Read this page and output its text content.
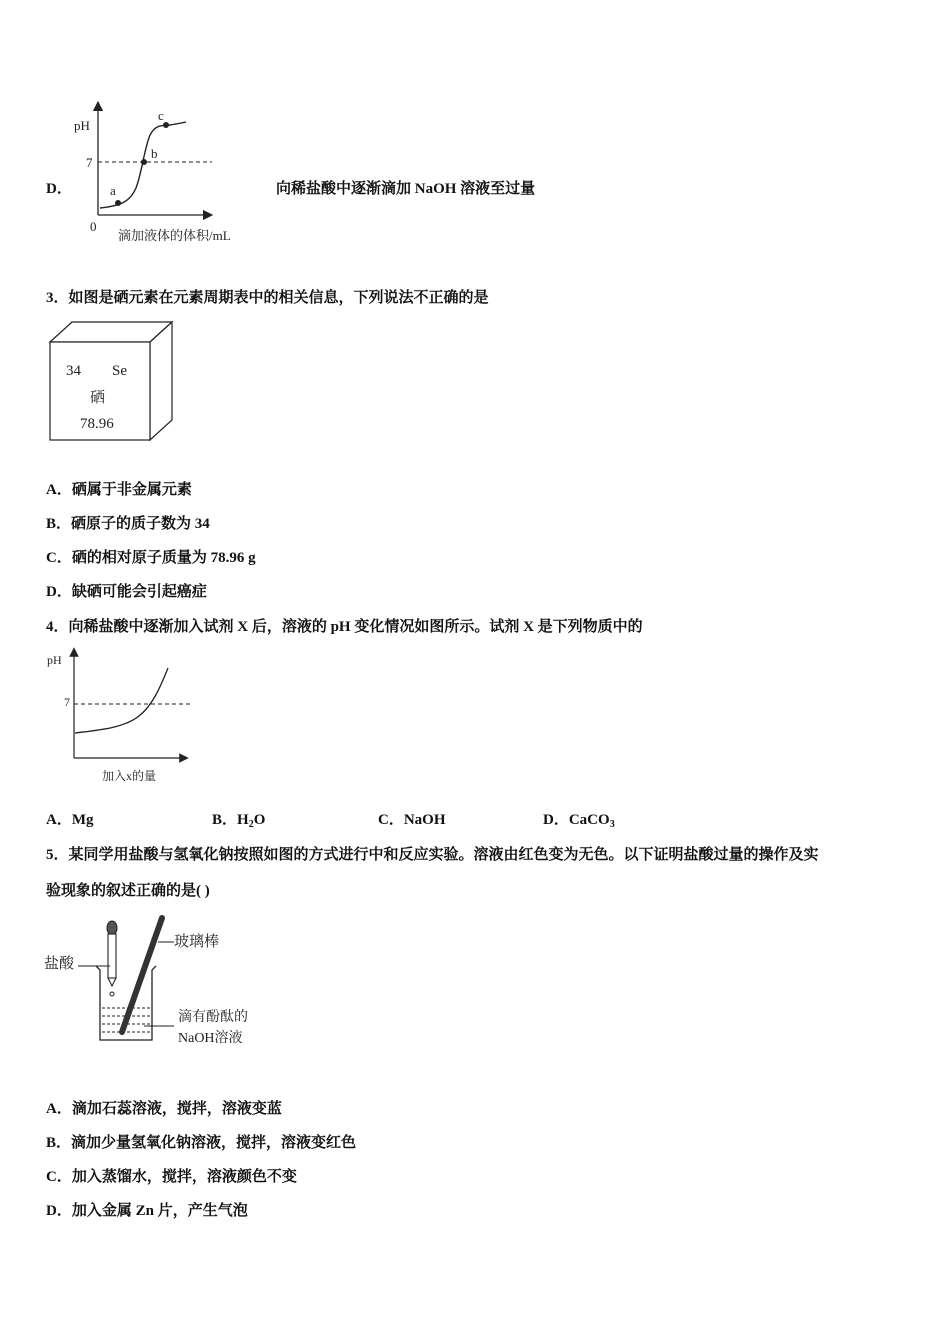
D．
pH
7
0
a
b
c
滴加液体的体积/mL
向稀盐酸中逐渐滴加 NaOH 溶液至过量
3．如图是硒元素在元素周期表中的相关信息，下列说法不正确的是
34 Se
硒
78.96
A．硒属于非金属元素
B．硒原子的质子数为 34
C．硒的相对原子质量为 78.96 g
D．缺硒可能会引起癌症
4．向稀盐酸中逐渐加入试剂 X 后，溶液的 pH 变化情况如图所示。试剂 X 是下列物质中的
pH
7
加入x的量
A．Mg	B．$H_2O$	C．NaOH	D．CaCO$_3$
5．某同学用盐酸与氢氧化钠按照如图的方式进行中和反应实验。溶液由红色变为无色。以下证明盐酸过量的操作及实
验现象的叙述正确的是( )
盐酸
玻璃棒
滴有酚酞的
NaOH溶液
A．滴加石蕊溶液，搅拌，溶液变蓝
B．滴加少量氢氧化钠溶液，搅拌，溶液变红色
C．加入蒸馏水，搅拌，溶液颜色不变
D．加入金属 Zn 片，产生气泡
